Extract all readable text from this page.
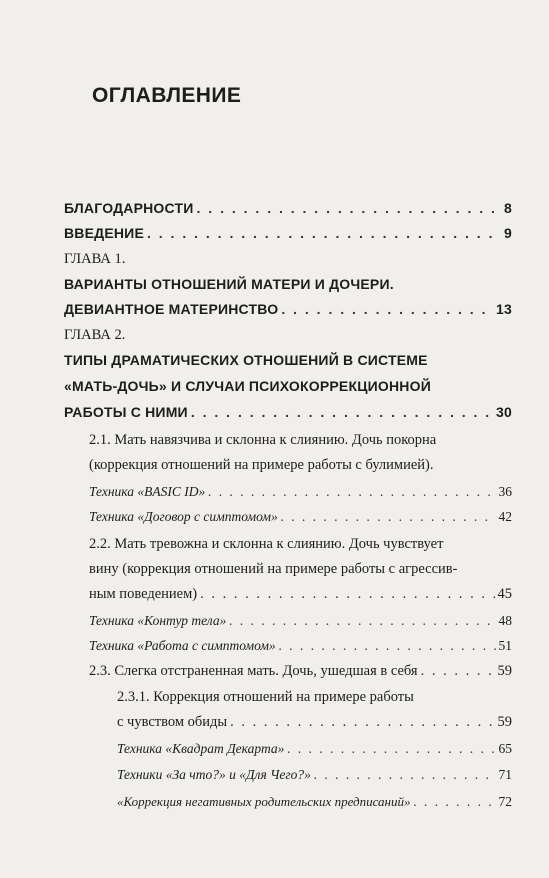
ОГЛАВЛЕНИЕ
БЛАГОДАРНОСТИ . . .	8
ВВЕДЕНИЕ . . .	9
ГЛАВА 1.
ВАРИАНТЫ ОТНОШЕНИЙ МАТЕРИ И ДОЧЕРИ.
ДЕВИАНТНОЕ МАТЕРИНСТВО . . .	13
ГЛАВА 2.
ТИПЫ ДРАМАТИЧЕСКИХ ОТНОШЕНИЙ В СИСТЕМЕ
«МАТЬ-ДОЧЬ» И СЛУЧАИ ПСИХОКОРРЕКЦИОННОЙ
РАБОТЫ С НИМИ . . .	30
2.1. Мать навязчива и склонна к слиянию. Дочь покорна
(коррекция отношений на примере работы с булимией).
Техника «BASIC ID» . . .	36
Техника «Договор с симптомом» . . .	42
2.2. Мать тревожна и склонна к слиянию. Дочь чувствует
вину (коррекция отношений на примере работы с агрессив-
ным поведением) . . .	45
Техника «Контур тела» . . .	48
Техника «Работа с симптомом» . . .	51
2.3. Слегка отстраненная мать. Дочь, ушедшая в себя . . .	59
2.3.1. Коррекция отношений на примере работы
с чувством обиды . . .	59
Техника «Квадрат Декарта» . . .	65
Техники «За что?» и «Для Чего?» . . .	71
«Коррекция негативных родительских предписаний» . . .	72
